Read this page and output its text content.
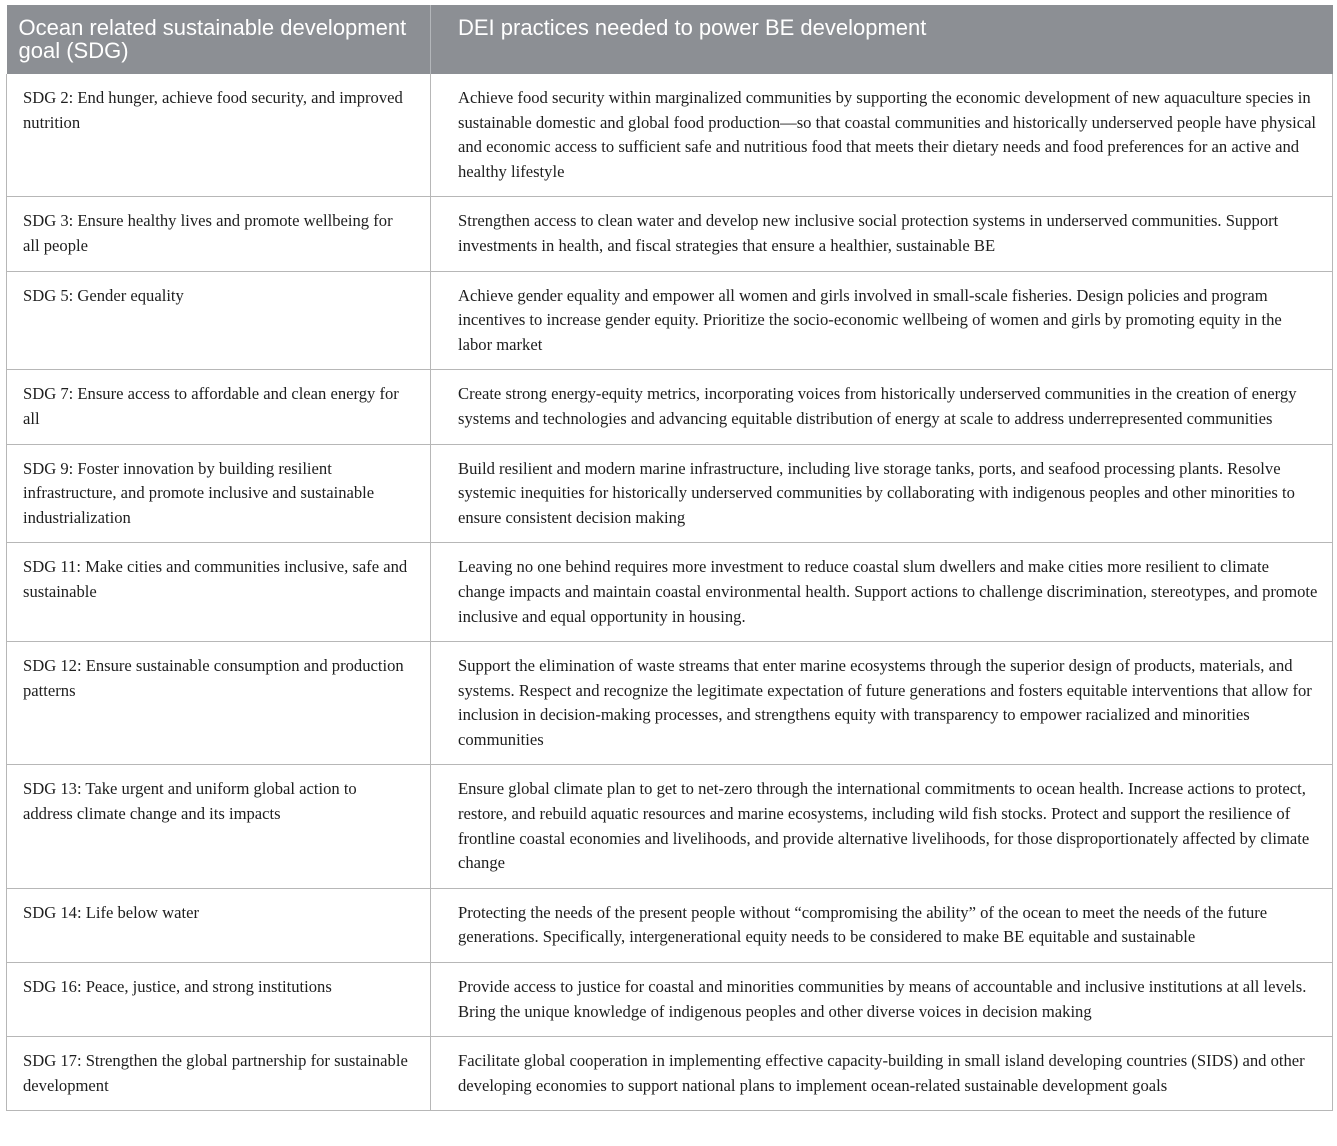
Ocean related sustainable development goal (SDG)	DEI practices needed to power BE development
SDG 2: End hunger, achieve food security, and improved nutrition	Achieve food security within marginalized communities by supporting the economic development of new aquaculture species in sustainable domestic and global food production—so that coastal communities and historically underserved people have physical and economic access to sufficient safe and nutritious food that meets their dietary needs and food preferences for an active and healthy lifestyle
SDG 3: Ensure healthy lives and promote wellbeing for all people	Strengthen access to clean water and develop new inclusive social protection systems in underserved communities. Support investments in health, and fiscal strategies that ensure a healthier, sustainable BE
SDG 5: Gender equality	Achieve gender equality and empower all women and girls involved in small-scale fisheries. Design policies and program incentives to increase gender equity. Prioritize the socio-economic wellbeing of women and girls by promoting equity in the labor market
SDG 7: Ensure access to affordable and clean energy for all	Create strong energy-equity metrics, incorporating voices from historically underserved communities in the creation of energy systems and technologies and advancing equitable distribution of energy at scale to address underrepresented communities
SDG 9: Foster innovation by building resilient infrastructure, and promote inclusive and sustainable industrialization	Build resilient and modern marine infrastructure, including live storage tanks, ports, and seafood processing plants. Resolve systemic inequities for historically underserved communities by collaborating with indigenous peoples and other minorities to ensure consistent decision making
SDG 11: Make cities and communities inclusive, safe and sustainable	Leaving no one behind requires more investment to reduce coastal slum dwellers and make cities more resilient to climate change impacts and maintain coastal environmental health. Support actions to challenge discrimination, stereotypes, and promote inclusive and equal opportunity in housing.
SDG 12: Ensure sustainable consumption and production patterns	Support the elimination of waste streams that enter marine ecosystems through the superior design of products, materials, and systems. Respect and recognize the legitimate expectation of future generations and fosters equitable interventions that allow for inclusion in decision-making processes, and strengthens equity with transparency to empower racialized and minorities communities
SDG 13: Take urgent and uniform global action to address climate change and its impacts	Ensure global climate plan to get to net-zero through the international commitments to ocean health. Increase actions to protect, restore, and rebuild aquatic resources and marine ecosystems, including wild fish stocks. Protect and support the resilience of frontline coastal economies and livelihoods, and provide alternative livelihoods, for those disproportionately affected by climate change
SDG 14: Life below water	Protecting the needs of the present people without “compromising the ability” of the ocean to meet the needs of the future generations. Specifically, intergenerational equity needs to be considered to make BE equitable and sustainable
SDG 16: Peace, justice, and strong institutions	Provide access to justice for coastal and minorities communities by means of accountable and inclusive institutions at all levels. Bring the unique knowledge of indigenous peoples and other diverse voices in decision making
SDG 17: Strengthen the global partnership for sustainable development	Facilitate global cooperation in implementing effective capacity-building in small island developing countries (SIDS) and other developing economies to support national plans to implement ocean-related sustainable development goals
